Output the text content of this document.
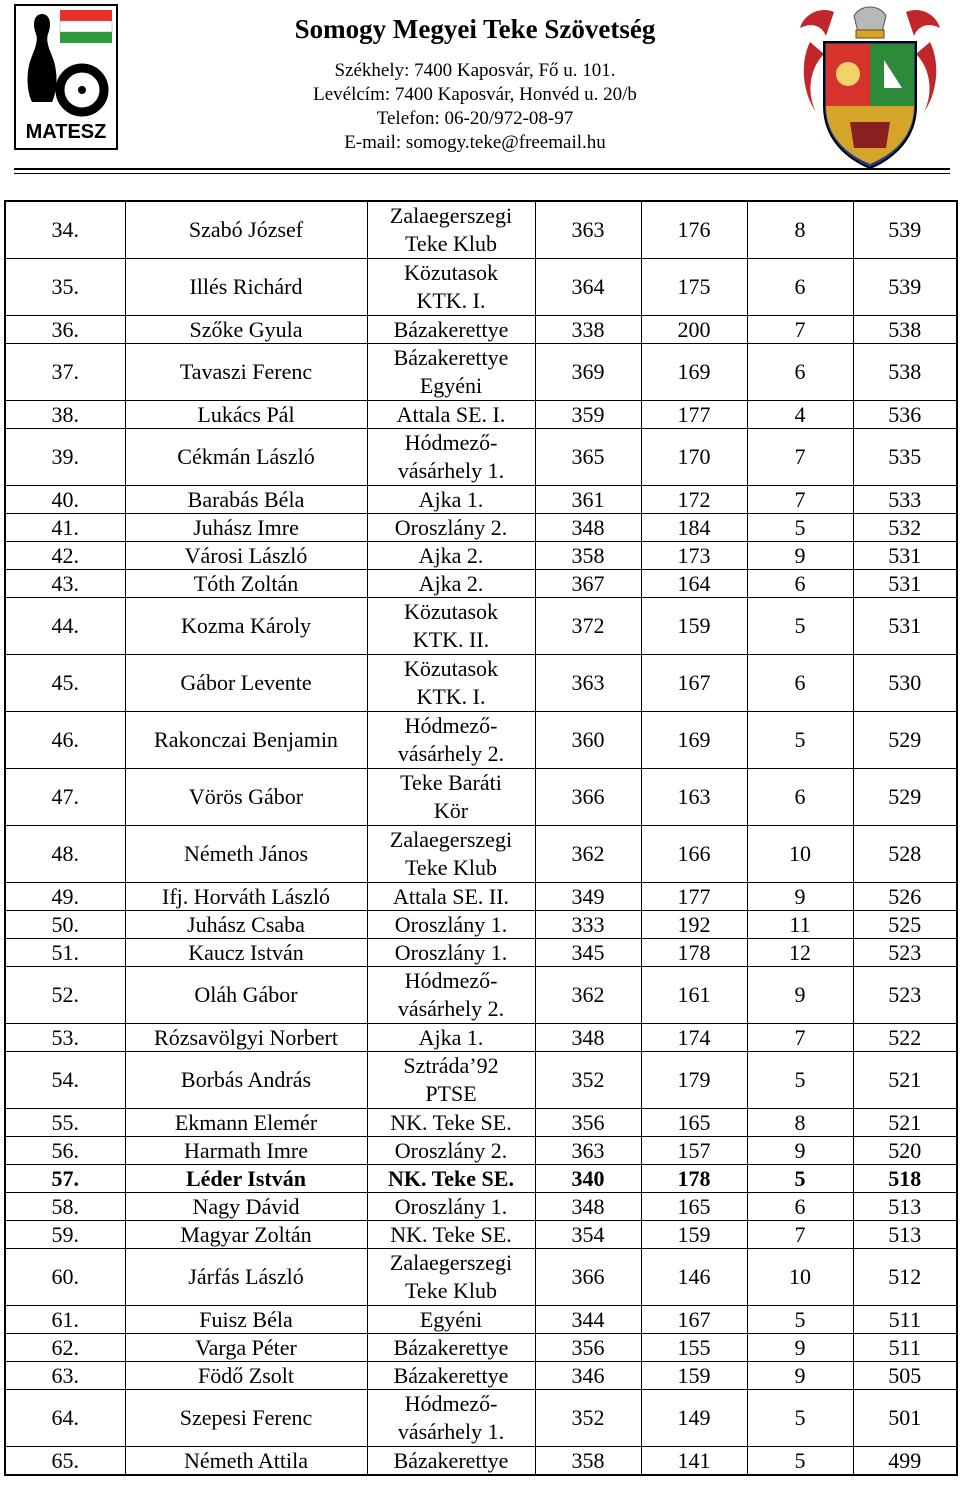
MATESZ
Somogy Megyei Teke Szövetség
Székhely: 7400 Kaposvár, Fő u. 101.
Levélcím: 7400 Kaposvár, Honvéd u. 20/b
Telefon: 06-20/972-08-97
E-mail: somogy.teke@freemail.hu
34.	Szabó József	Zalaegerszegi
Teke Klub	363	176	8	539
35.	Illés Richárd	Közutasok
KTK. I.	364	175	6	539
36.	Szőke Gyula	Bázakerettye	338	200	7	538
37.	Tavaszi Ferenc	Bázakerettye
Egyéni	369	169	6	538
38.	Lukács Pál	Attala SE. I.	359	177	4	536
39.	Cékmán László	Hódmező-
vásárhely 1.	365	170	7	535
40.	Barabás Béla	Ajka 1.	361	172	7	533
41.	Juhász Imre	Oroszlány 2.	348	184	5	532
42.	Városi László	Ajka 2.	358	173	9	531
43.	Tóth Zoltán	Ajka 2.	367	164	6	531
44.	Kozma Károly	Közutasok
KTK. II.	372	159	5	531
45.	Gábor Levente	Közutasok
KTK. I.	363	167	6	530
46.	Rakonczai Benjamin	Hódmező-
vásárhely 2.	360	169	5	529
47.	Vörös Gábor	Teke Baráti
Kör	366	163	6	529
48.	Németh János	Zalaegerszegi
Teke Klub	362	166	10	528
49.	Ifj. Horváth László	Attala SE. II.	349	177	9	526
50.	Juhász Csaba	Oroszlány 1.	333	192	11	525
51.	Kaucz István	Oroszlány 1.	345	178	12	523
52.	Oláh Gábor	Hódmező-
vásárhely 2.	362	161	9	523
53.	Rózsavölgyi Norbert	Ajka 1.	348	174	7	522
54.	Borbás András	Sztráda’92
PTSE	352	179	5	521
55.	Ekmann Elemér	NK. Teke SE.	356	165	8	521
56.	Harmath Imre	Oroszlány 2.	363	157	9	520
57.	Léder István	NK. Teke SE.	340	178	5	518
58.	Nagy Dávid	Oroszlány 1.	348	165	6	513
59.	Magyar Zoltán	NK. Teke SE.	354	159	7	513
60.	Járfás László	Zalaegerszegi
Teke Klub	366	146	10	512
61.	Fuisz Béla	Egyéni	344	167	5	511
62.	Varga Péter	Bázakerettye	356	155	9	511
63.	Födő Zsolt	Bázakerettye	346	159	9	505
64.	Szepesi Ferenc	Hódmező-
vásárhely 1.	352	149	5	501
65.	Németh Attila	Bázakerettye	358	141	5	499
